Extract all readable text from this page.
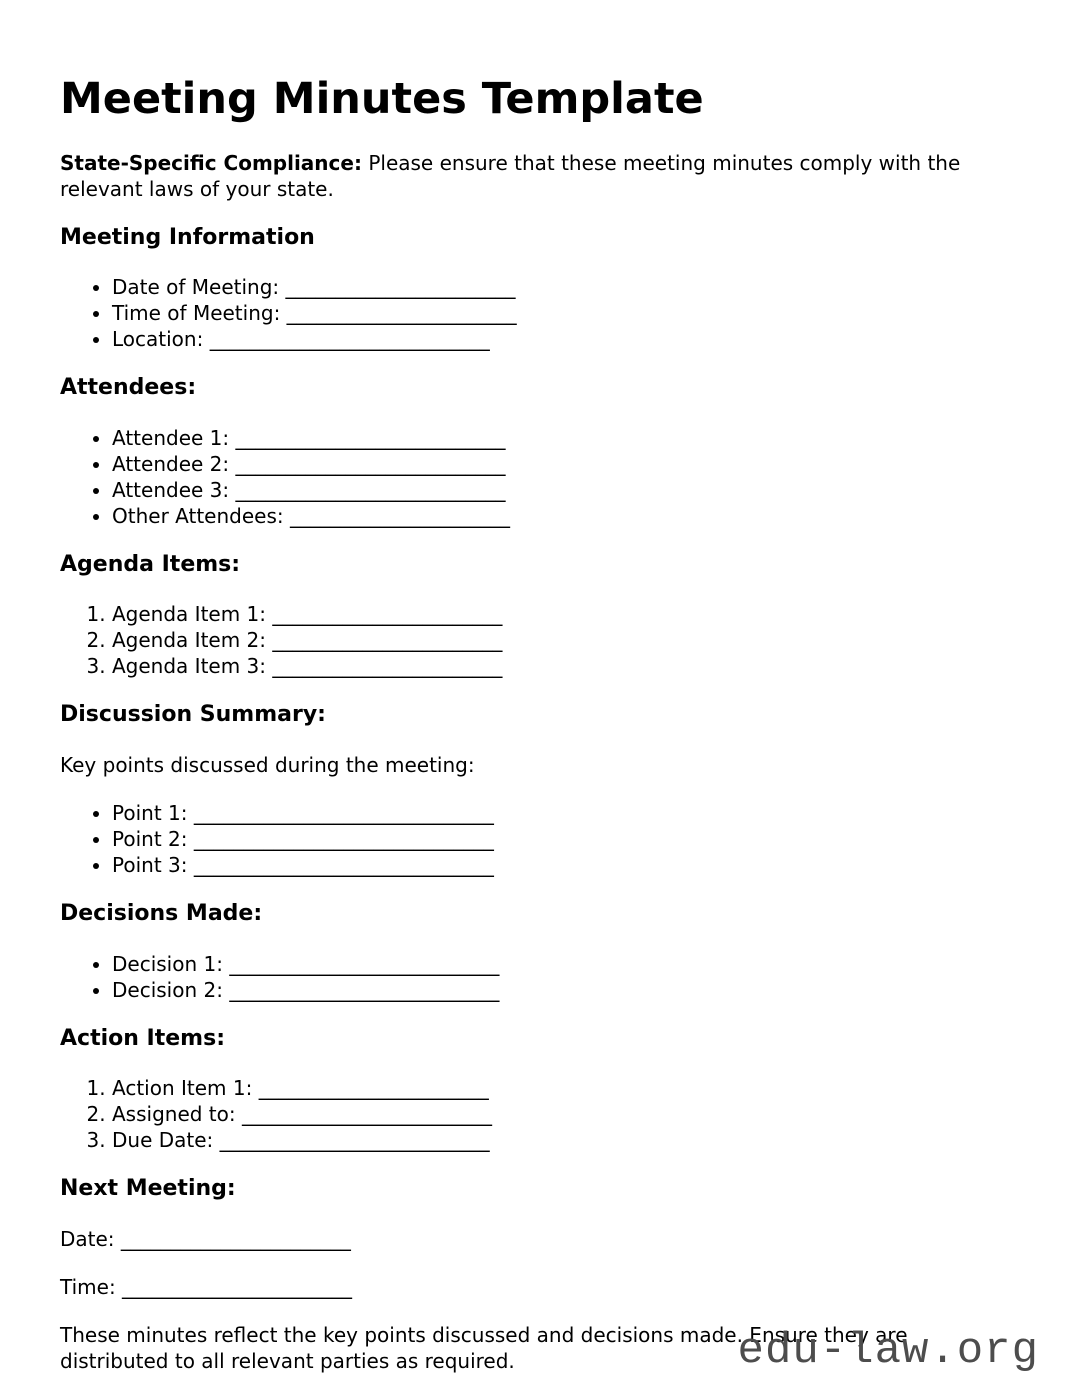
Meeting Minutes Template

State-Specific Compliance: Please ensure that these meeting minutes comply with the relevant laws of your state.

Meeting Information
• Date of Meeting: _______________________
• Time of Meeting: _______________________
• Location: ____________________________
Attendees:
• Attendee 1: ___________________________
• Attendee 2: ___________________________
• Attendee 3: ___________________________
• Other Attendees: ______________________
Agenda Items:
1. Agenda Item 1: _______________________
2. Agenda Item 2: _______________________
3. Agenda Item 3: _______________________
Discussion Summary:

Key points discussed during the meeting:

• Point 1: ______________________________
• Point 2: ______________________________
• Point 3: ______________________________
Decisions Made:
• Decision 1: ___________________________
• Decision 2: ___________________________
Action Items:
1. Action Item 1: _______________________
2. Assigned to: _________________________
3. Due Date: ___________________________
Next Meeting:

Date: _______________________

Time: _______________________

These minutes reflect the key points discussed and decisions made. Ensure they are distributed to all relevant parties as required.	edu-law.org
